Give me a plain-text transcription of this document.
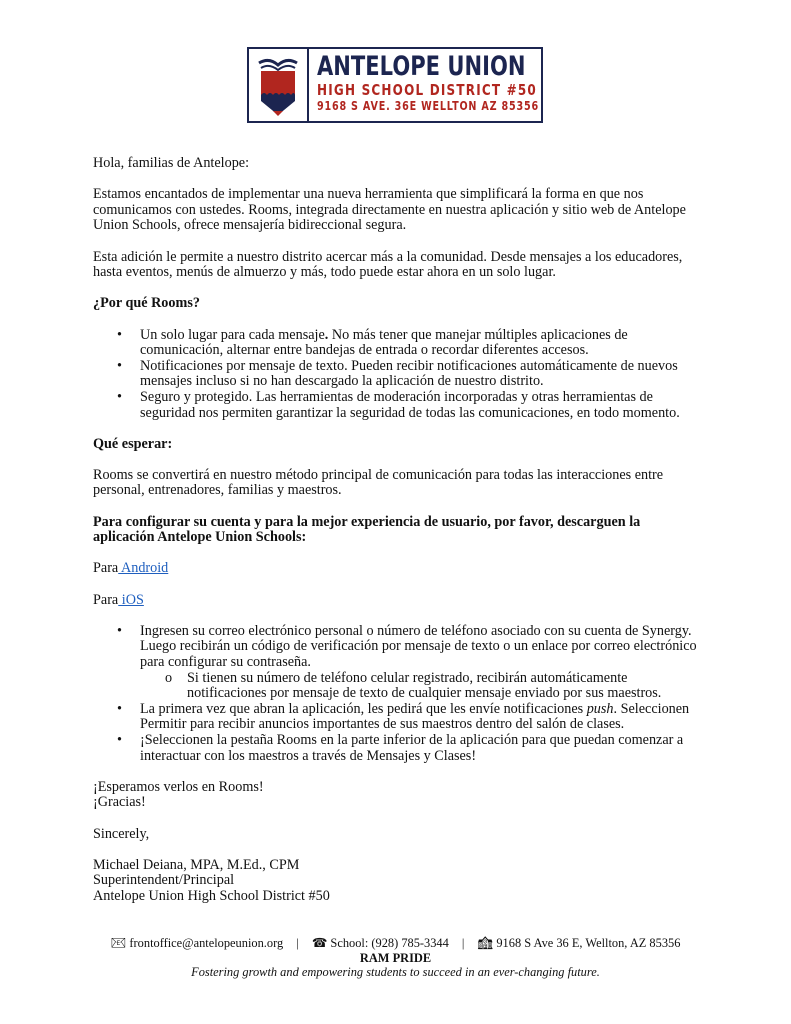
ANTELOPE UNION
HIGH SCHOOL DISTRICT #50
9168 S AVE. 36E WELLTON AZ 85356

Hola, familias de Antelope:

Estamos encantados de implementar una nueva herramienta que simplificará la forma en que nos comunicamos con ustedes. Rooms, integrada directamente en nuestra aplicación y sitio web de Antelope Union Schools, ofrece mensajería bidireccional segura.

Esta adición le permite a nuestro distrito acercar más a la comunidad. Desde mensajes a los educadores, hasta eventos, menús de almuerzo y más, todo puede estar ahora en un solo lugar.

¿Por qué Rooms?

• Un solo lugar para cada mensaje. No más tener que manejar múltiples aplicaciones de comunicación, alternar entre bandejas de entrada o recordar diferentes accesos.
• Notificaciones por mensaje de texto. Pueden recibir notificaciones automáticamente de nuevos mensajes incluso si no han descargado la aplicación de nuestro distrito.
• Seguro y protegido. Las herramientas de moderación incorporadas y otras herramientas de seguridad nos permiten garantizar la seguridad de todas las comunicaciones, en todo momento.

Qué esperar:

Rooms se convertirá en nuestro método principal de comunicación para todas las interacciones entre personal, entrenadores, familias y maestros.

Para configurar su cuenta y para la mejor experiencia de usuario, por favor, descarguen la aplicación Antelope Union Schools:

Para Android

Para iOS

• Ingresen su correo electrónico personal o número de teléfono asociado con su cuenta de Synergy. Luego recibirán un código de verificación por mensaje de texto o un enlace por correo electrónico para configurar su contraseña.
o Si tienen su número de teléfono celular registrado, recibirán automáticamente notificaciones por mensaje de texto de cualquier mensaje enviado por sus maestros.
• La primera vez que abran la aplicación, les pedirá que les envíe notificaciones push. Seleccionen Permitir para recibir anuncios importantes de sus maestros dentro del salón de clases.
• ¡Seleccionen la pestaña Rooms en la parte inferior de la aplicación para que puedan comenzar a interactuar con los maestros a través de Mensajes y Clases!

¡Esperamos verlos en Rooms!
¡Gracias!

Sincerely,

Michael Deiana, MPA, M.Ed., CPM
Superintendent/Principal
Antelope Union High School District #50

📧︎ frontoffice@antelopeunion.org | ☎︎ School: (928) 785-3344 | 🏫︎ 9168 S Ave 36 E, Wellton, AZ 85356
RAM PRIDE
Fostering growth and empowering students to succeed in an ever-changing future.
